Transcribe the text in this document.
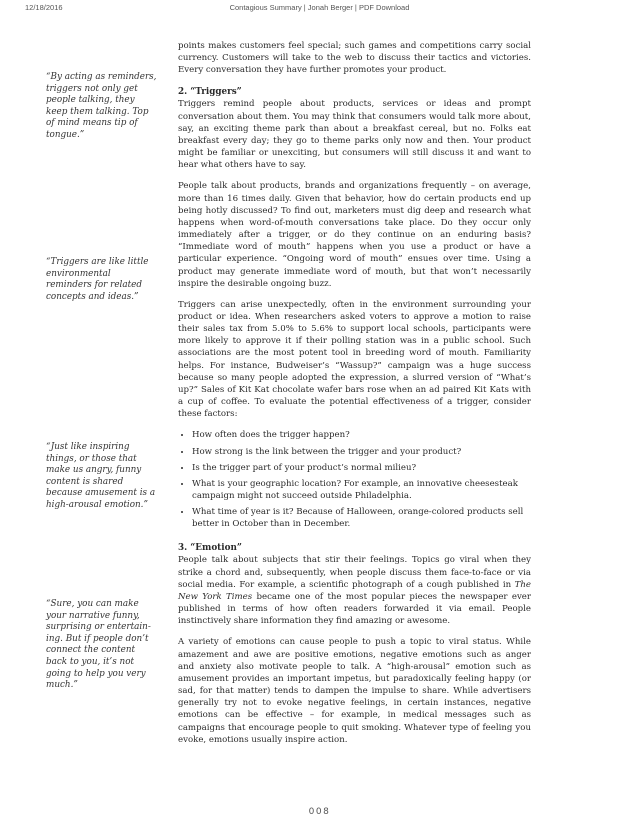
Contagious Summary | Jonah Berger | PDF Download
12/18/2016
“By acting as reminders, triggers not only get people talking, they keep them talking. Top of mind means tip of tongue.”
“Triggers are like little environmental reminders for related concepts and ideas.”
“Just like inspiring things, or those that make us angry, funny content is shared because amusement is a high-arousal emotion.”
“Sure, you can make your narrative funny, surprising or entertain- ing. But if people don’t connect the content back to you, it’s not going to help you very much.”

points makes customers feel special; such games and competitions carry social currency. Customers will take to the web to discuss their tactics and victories. Every conversation they have further promotes your product.

2. “Triggers”

Triggers remind people about products, services or ideas and prompt conversation about them. You may think that consumers would talk more about, say, an exciting theme park than about a breakfast cereal, but no. Folks eat breakfast every day; they go to theme parks only now and then. Your product might be familiar or unexciting, but consumers will still discuss it and want to hear what others have to say.

People talk about products, brands and organizations frequently – on average, more than 16 times daily. Given that behavior, how do certain products end up being hotly discussed? To find out, marketers must dig deep and research what happens when word-of-mouth conversations take place. Do they occur only immediately after a trigger, or do they continue on an enduring basis? “Immediate word of mouth” happens when you use a product or have a particular experience. “Ongoing word of mouth” ensues over time. Using a product may generate immediate word of mouth, but that won’t necessarily inspire the desirable ongoing buzz.

Triggers can arise unexpectedly, often in the environment surrounding your product or idea. When researchers asked voters to approve a motion to raise their sales tax from 5.0% to 5.6% to support local schools, participants were more likely to approve it if their polling station was in a public school. Such associations are the most potent tool in breeding word of mouth. Familiarity helps. For instance, Budweiser’s “Wassup?” campaign was a huge success because so many people adopted the expression, a slurred version of “What’s up?” Sales of Kit Kat chocolate wafer bars rose when an ad paired Kit Kats with a cup of coffee. To evaluate the potential effectiveness of a trigger, consider these factors:

• How often does the trigger happen?
• How strong is the link between the trigger and your product?
• Is the trigger part of your product’s normal milieu?
• What is your geographic location? For example, an innovative cheesesteak campaign might not succeed outside Philadelphia.
• What time of year is it? Because of Halloween, orange-colored products sell better in October than in December.
3. “Emotion”

People talk about subjects that stir their feelings. Topics go viral when they strike a chord and, subsequently, when people discuss them face-to-face or via social media. For example, a scientific photograph of a cough published in The New York Times became one of the most popular pieces the newspaper ever published in terms of how often readers forwarded it via email. People instinctively share information they find amazing or awesome.

A variety of emotions can cause people to push a topic to viral status. While amazement and awe are positive emotions, negative emotions such as anger and anxiety also motivate people to talk. A “high-arousal” emotion such as amusement provides an important impetus, but paradoxically feeling happy (or sad, for that matter) tends to dampen the impulse to share. While advertisers generally try not to evoke negative feelings, in certain instances, negative emotions can be effective – for example, in medical messages such as campaigns that encourage people to quit smoking. Whatever type of feeling you evoke, emotions usually inspire action.

008
